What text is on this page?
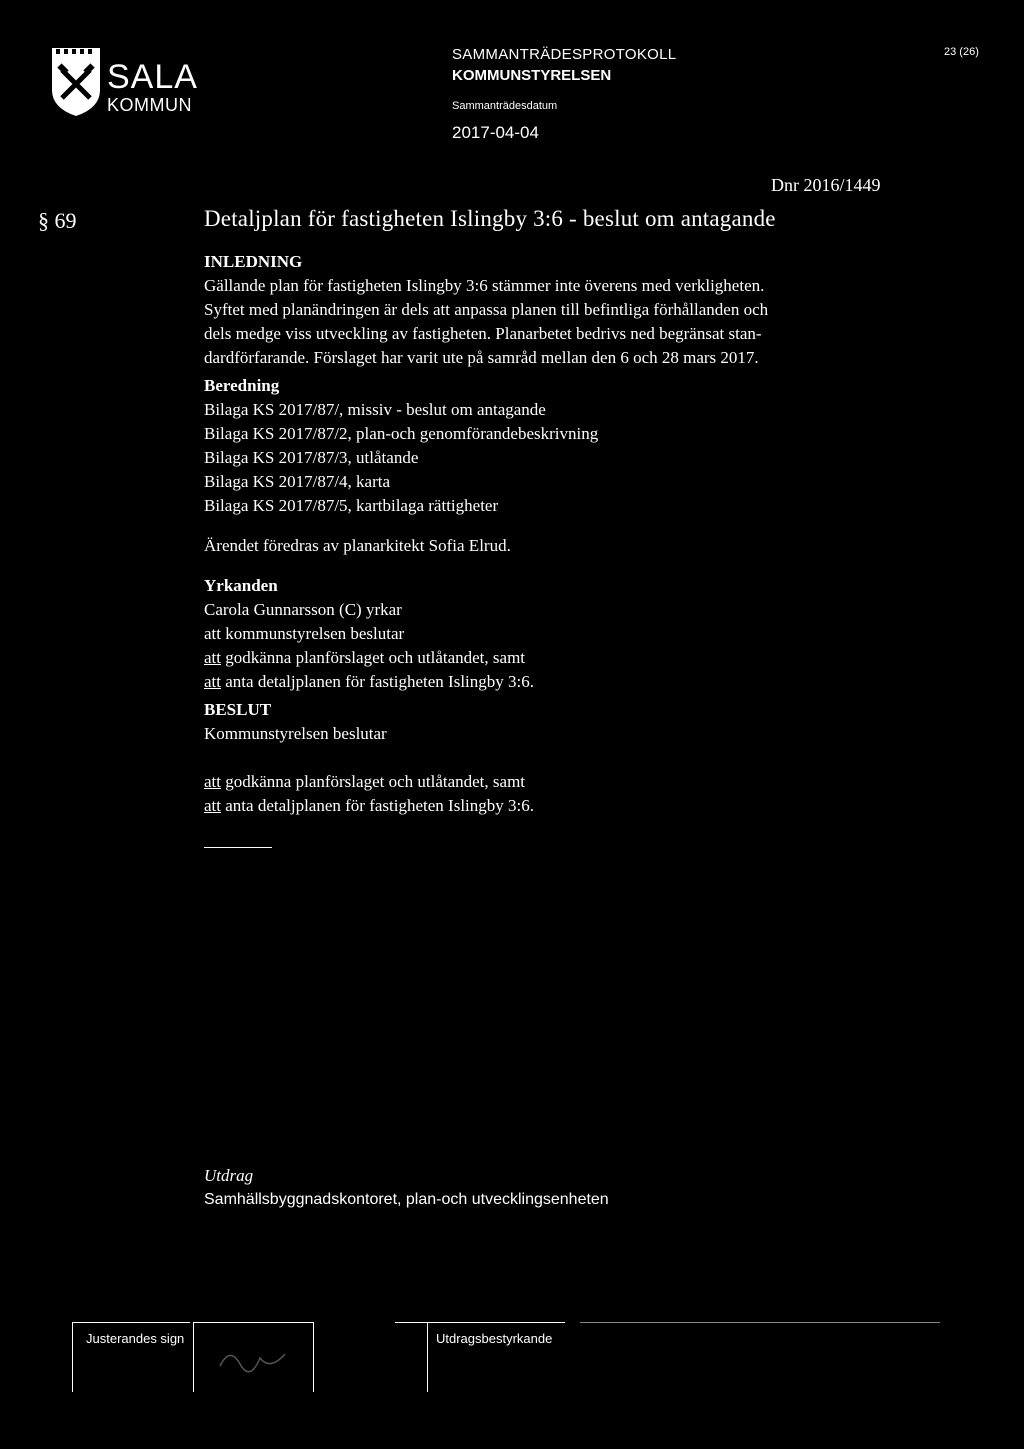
SALA
KOMMUN
SAMMANTRÄDESPROTOKOLL
KOMMUNSTYRELSEN
Sammanträdesdatum
2017-04-04
23 (26)
Dnr 2016/1449
§ 69	Detaljplan för fastigheten Islingby 3:6 - beslut om antagande
INLEDNING
Gällande plan för fastigheten Islingby 3:6 stämmer inte överens med verkligheten.
Syftet med planändringen är dels att anpassa planen till befintliga förhållanden och
dels medge viss utveckling av fastigheten. Planarbetet bedrivs ned begränsat stan-
dardförfarande. Förslaget har varit ute på samråd mellan den 6 och 28 mars 2017.
Beredning
Bilaga KS 2017/87/, missiv - beslut om antagande
Bilaga KS 2017/87/2, plan-och genomförandebeskrivning
Bilaga KS 2017/87/3, utlåtande
Bilaga KS 2017/87/4, karta
Bilaga KS 2017/87/5, kartbilaga rättigheter
Ärendet föredras av planarkitekt Sofia Elrud.
Yrkanden
Carola Gunnarsson (C) yrkar
att kommunstyrelsen beslutar
att godkänna planförslaget och utlåtandet, samt
att anta detaljplanen för fastigheten Islingby 3:6.
BESLUT
Kommunstyrelsen beslutar
att godkänna planförslaget och utlåtandet, samt
att anta detaljplanen för fastigheten Islingby 3:6.
Utdrag
Samhällsbyggnadskontoret, plan-och utvecklingsenheten
Justerandes sign	Utdragsbestyrkande
